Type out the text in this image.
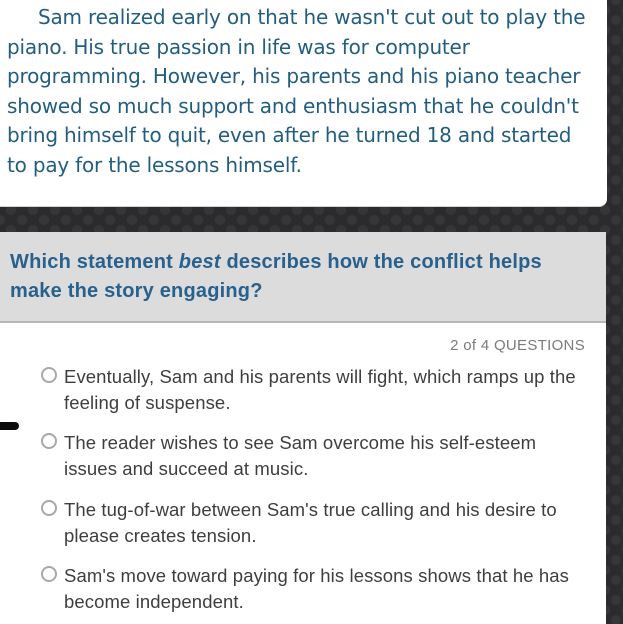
Sam realized early on that he wasn't cut out to play the piano. His true passion in life was for computer programming. However, his parents and his piano teacher showed so much support and enthusiasm that he couldn't bring himself to quit, even after he turned 18 and started to pay for the lessons himself.

Which statement best describes how the conflict helps make the story engaging?
2 of 4 QUESTIONS
Eventually, Sam and his parents will fight, which ramps up the feeling of suspense.
The reader wishes to see Sam overcome his self-esteem issues and succeed at music.
The tug-of-war between Sam's true calling and his desire to please creates tension.
Sam's move toward paying for his lessons shows that he has become independent.
